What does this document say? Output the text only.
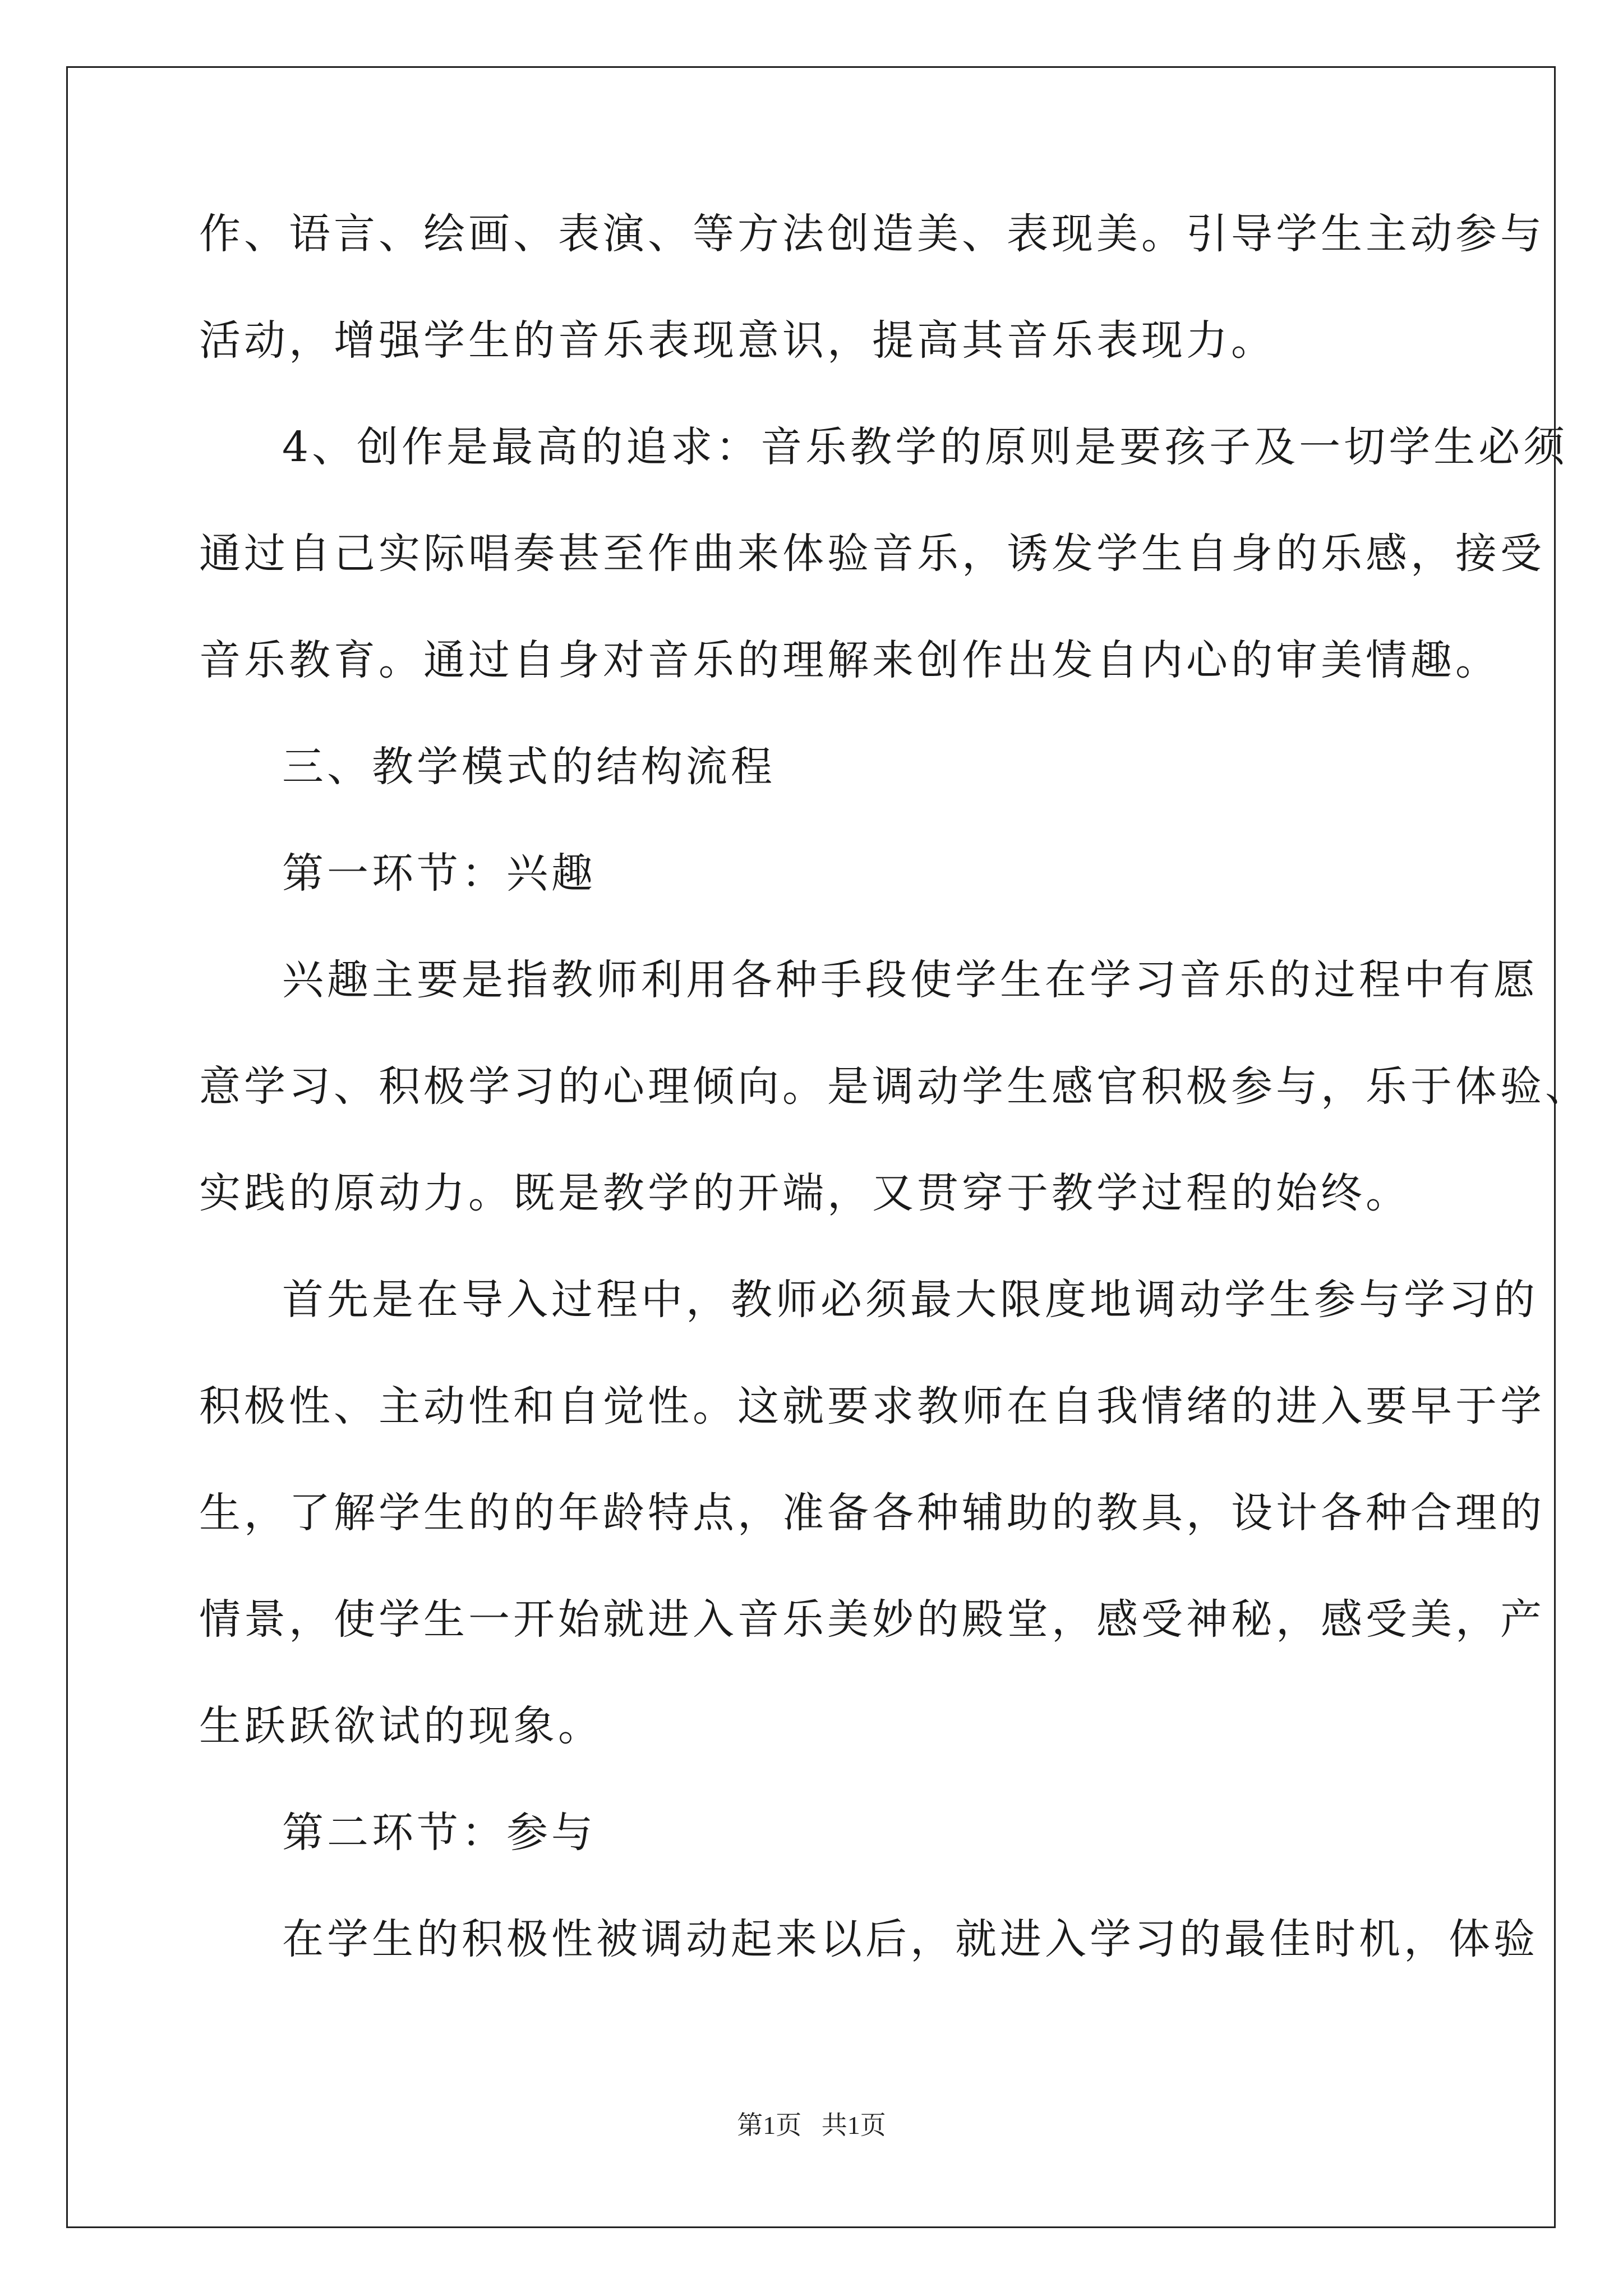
作、语言、绘画、表演、等方法创造美、表现美。引导学生主动参与

活动，增强学生的音乐表现意识，提高其音乐表现力。

4、创作是最高的追求：音乐教学的原则是要孩子及一切学生必须

通过自己实际唱奏甚至作曲来体验音乐，诱发学生自身的乐感，接受

音乐教育。通过自身对音乐的理解来创作出发自内心的审美情趣。

三、教学模式的结构流程

第一环节：兴趣

兴趣主要是指教师利用各种手段使学生在学习音乐的过程中有愿

意学习、积极学习的心理倾向。是调动学生感官积极参与，乐于体验、

实践的原动力。既是教学的开端，又贯穿于教学过程的始终。

首先是在导入过程中，教师必须最大限度地调动学生参与学习的

积极性、主动性和自觉性。这就要求教师在自我情绪的进入要早于学

生，了解学生的的年龄特点，准备各种辅助的教具，设计各种合理的

情景，使学生一开始就进入音乐美妙的殿堂，感受神秘，感受美，产

生跃跃欲试的现象。

第二环节：参与

在学生的积极性被调动起来以后，就进入学习的最佳时机，体验

第1页 共1页
